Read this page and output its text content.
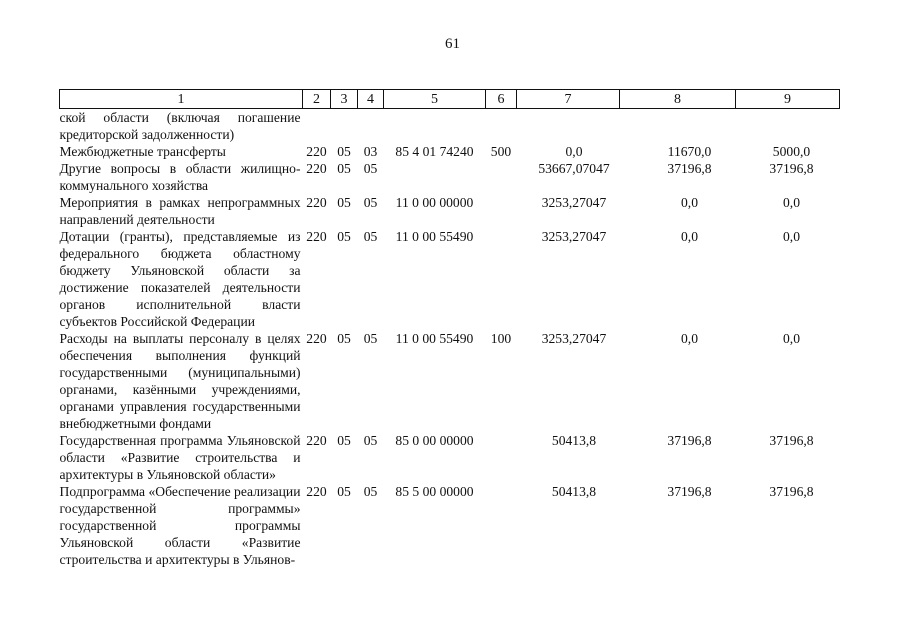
61
1	2	3	4	5	6	7	8	9
ской области (включая погашение кредиторской задолженности)								
Межбюджетные трансферты	220	05	03	85 4 01 74240	500	0,0	11670,0	5000,0
Другие вопросы в области жилищно-коммунального хозяйства	220	05	05			53667,07047	37196,8	37196,8
Мероприятия в рамках непрограммных направлений деятельности	220	05	05	11 0 00 00000		3253,27047	0,0	0,0
Дотации (гранты), представляемые из федерального бюджета областному бюджету Ульяновской области за достижение показателей деятельности органов исполнительной власти субъектов Российской Федерации	220	05	05	11 0 00 55490		3253,27047	0,0	0,0
Расходы на выплаты персоналу в целях обеспечения выполнения функций государственными (муниципальными) органами, казёнными учреждениями, органами управления государственными внебюджетными фондами	220	05	05	11 0 00 55490	100	3253,27047	0,0	0,0
Государственная программа Ульяновской области «Развитие строительства и архитектуры в Ульяновской области»	220	05	05	85 0 00 00000		50413,8	37196,8	37196,8
Подпрограмма «Обеспечение реализации государственной программы» государственной программы Ульяновской области «Развитие строительства и архитектуры в Ульянов-	220	05	05	85 5 00 00000		50413,8	37196,8	37196,8
